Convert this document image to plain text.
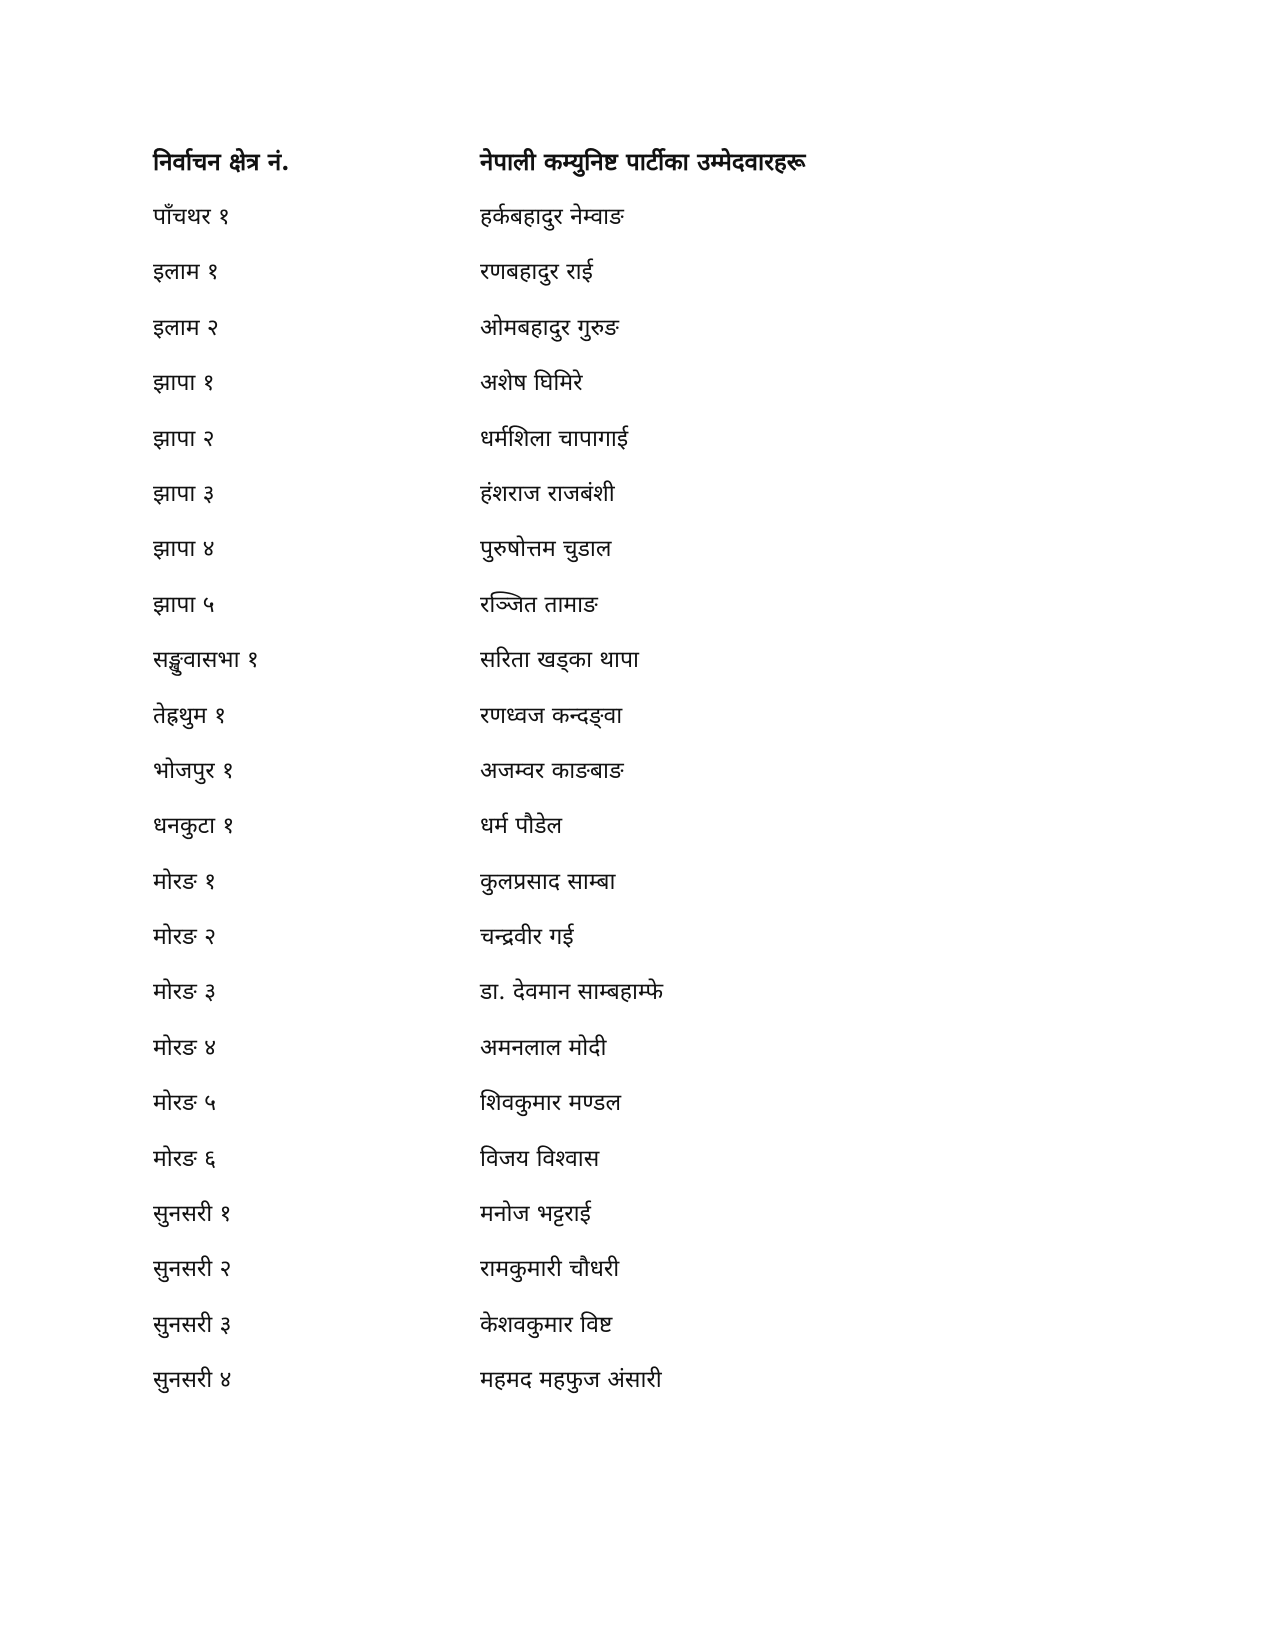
निर्वाचन क्षेत्र नं.	नेपाली कम्युनिष्ट पार्टीका उम्मेदवारहरू
पाँचथर १	हर्कबहादुर नेम्वाङ
इलाम १	रणबहादुर राई
इलाम २	ओमबहादुर गुरुङ
झापा १	अशेष घिमिरे
झापा २	धर्मशिला चापागाई
झापा ३	हंशराज राजबंशी
झापा ४	पुरुषोत्तम चुडाल
झापा ५	रञ्जित तामाङ
सङ्खुवासभा १	सरिता खड्का थापा
तेह्रथुम १	रणध्वज कन्दङ्वा
भोजपुर १	अजम्वर काङबाङ
धनकुटा १	धर्म पौडेल
मोरङ १	कुलप्रसाद साम्बा
मोरङ २	चन्द्रवीर गई
मोरङ ३	डा. देवमान साम्बहाम्फे
मोरङ ४	अमनलाल मोदी
मोरङ ५	शिवकुमार मण्डल
मोरङ ६	विजय विश्वास
सुनसरी १	मनोज भट्टराई
सुनसरी २	रामकुमारी चौधरी
सुनसरी ३	केशवकुमार विष्ट
सुनसरी ४	महमद महफुज अंसारी
